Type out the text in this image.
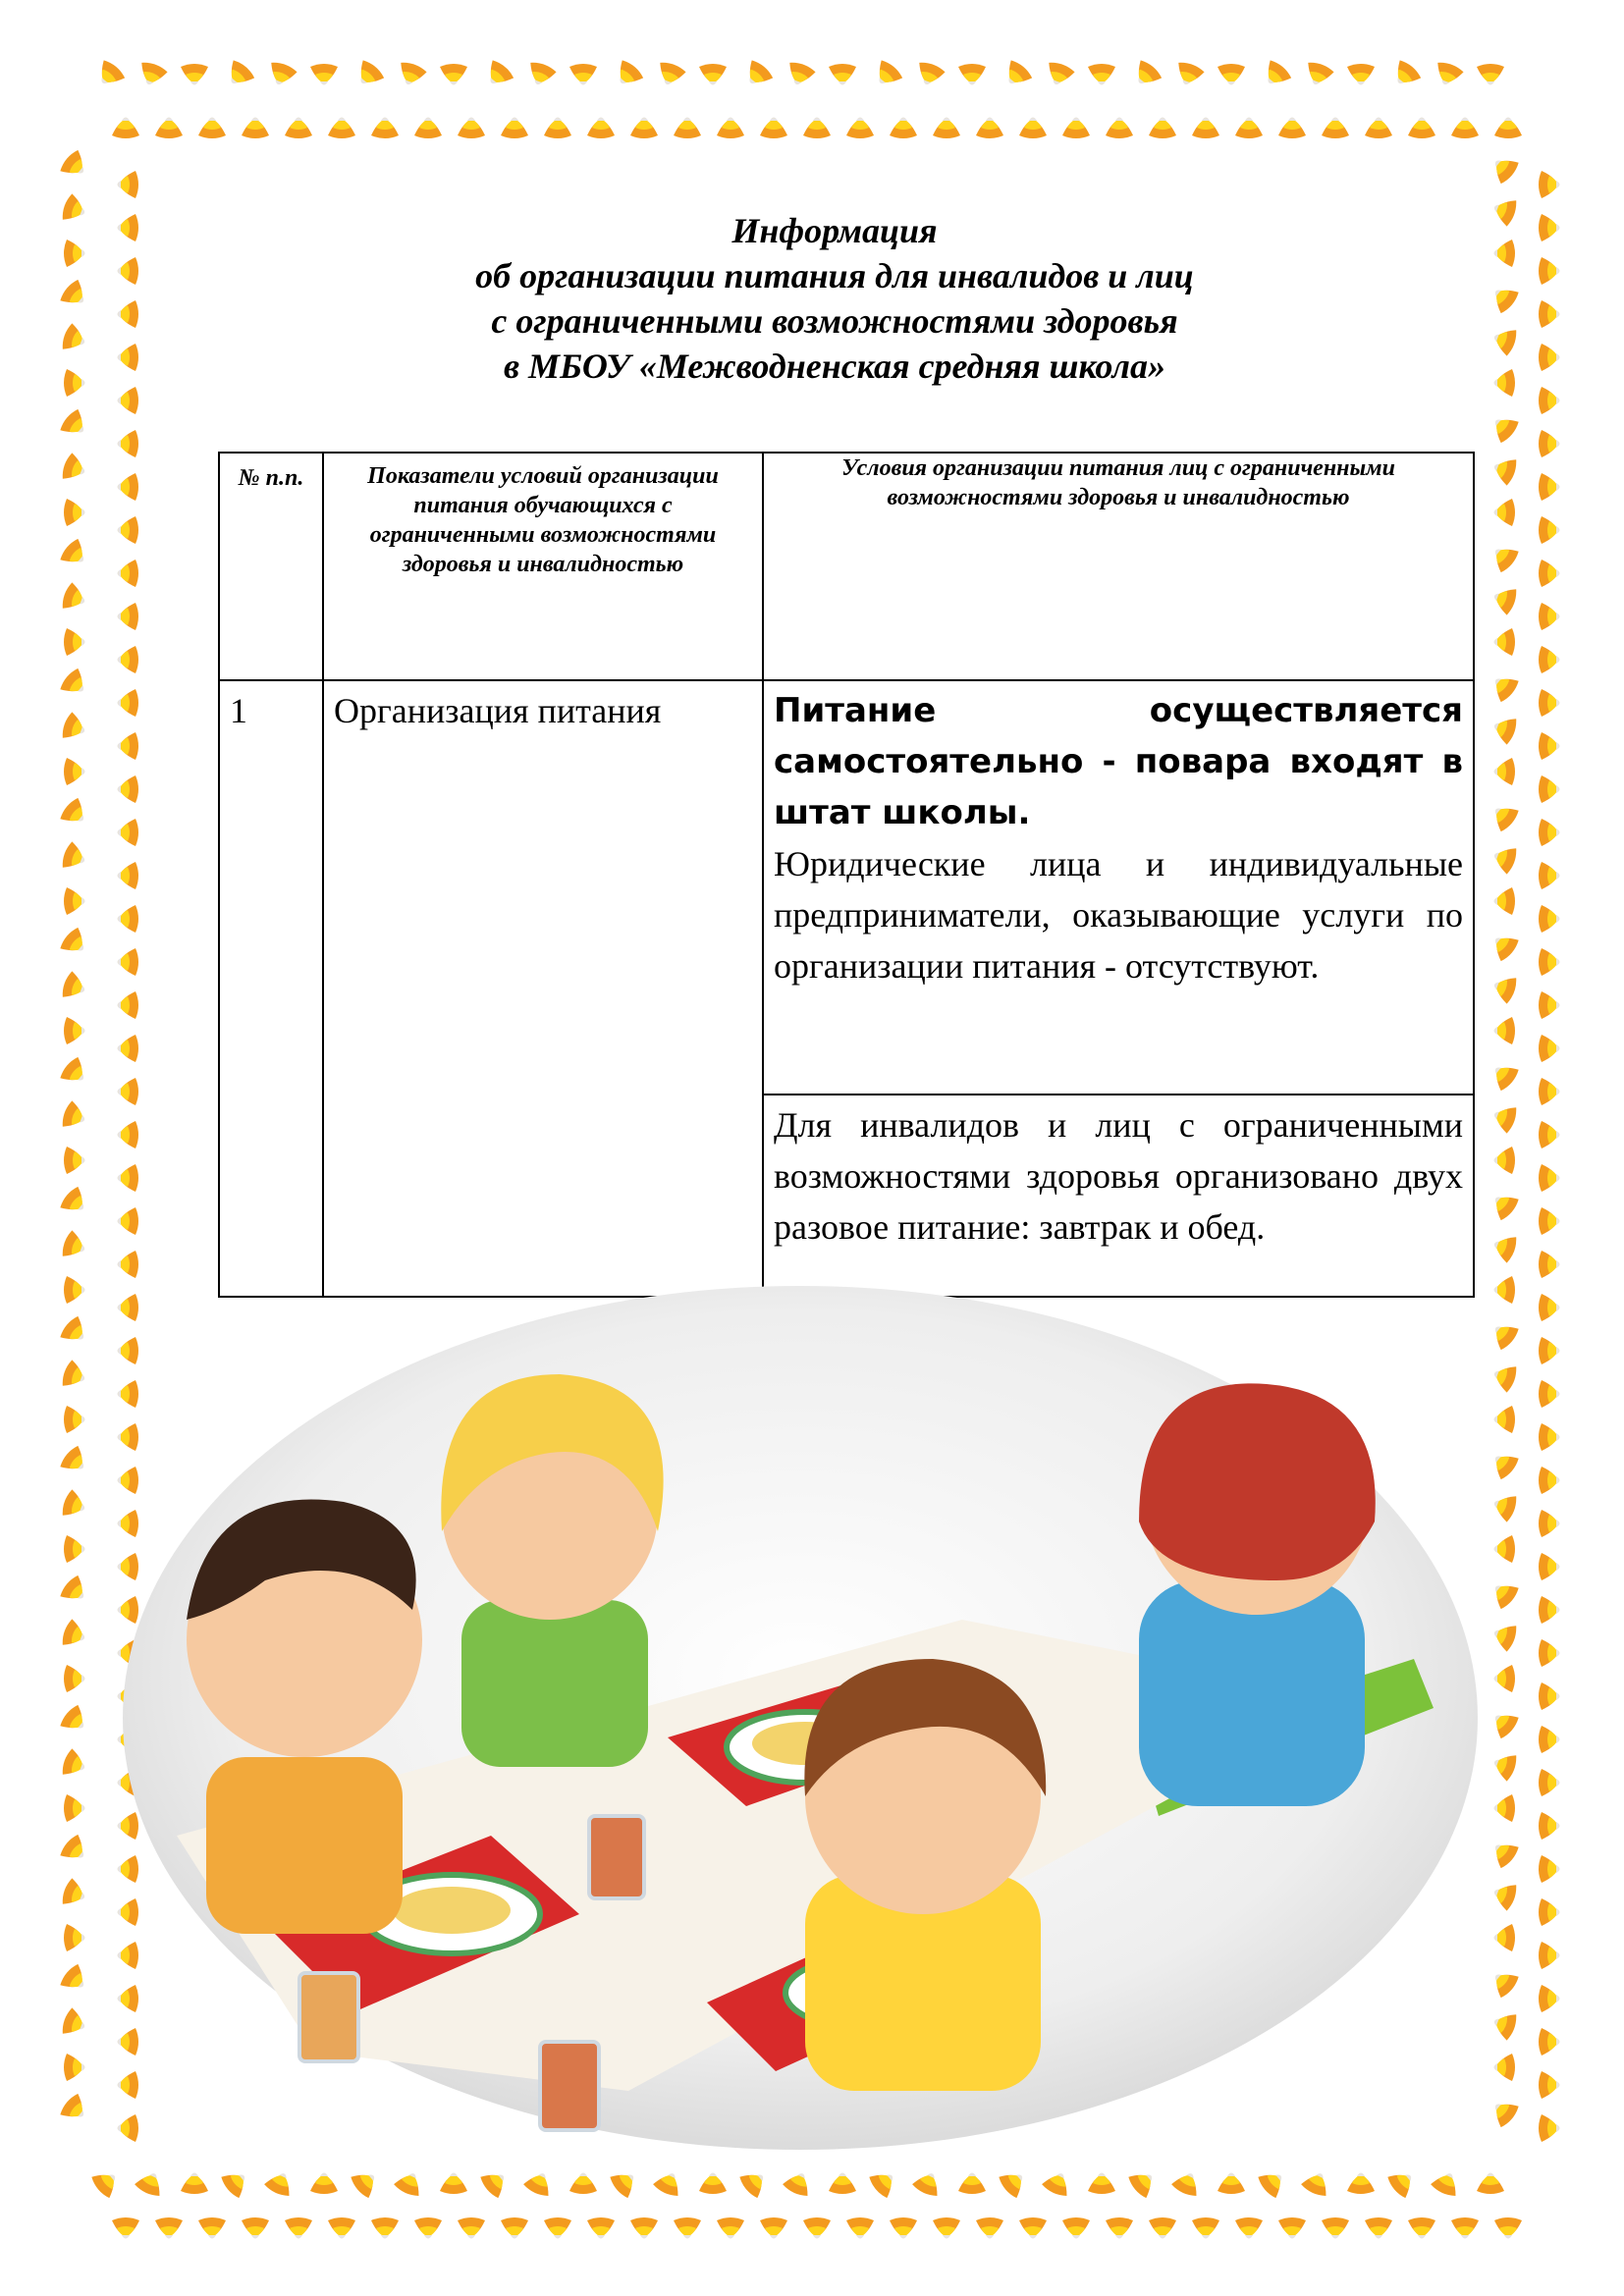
Информация
об организации питания для инвалидов и лиц
с ограниченными возможностями здоровья
в МБОУ «Межводненская средняя школа»
№ п.п.	Показатели условий организации питания обучающихся с ограниченными возможностями здоровья и инвалидностью	Условия организации питания лиц с ограниченными возможностями здоровья и инвалидностью
1	Организация питания	Питание осуществляется самостоятельно - повара входят в штат школы.
Юридические лица и индивидуальные предприниматели, оказывающие услуги по организации питания - отсутствуют.

		Для инвалидов и лиц с ограниченными возможностями здоровья организовано двух разовое питание: завтрак и обед.
